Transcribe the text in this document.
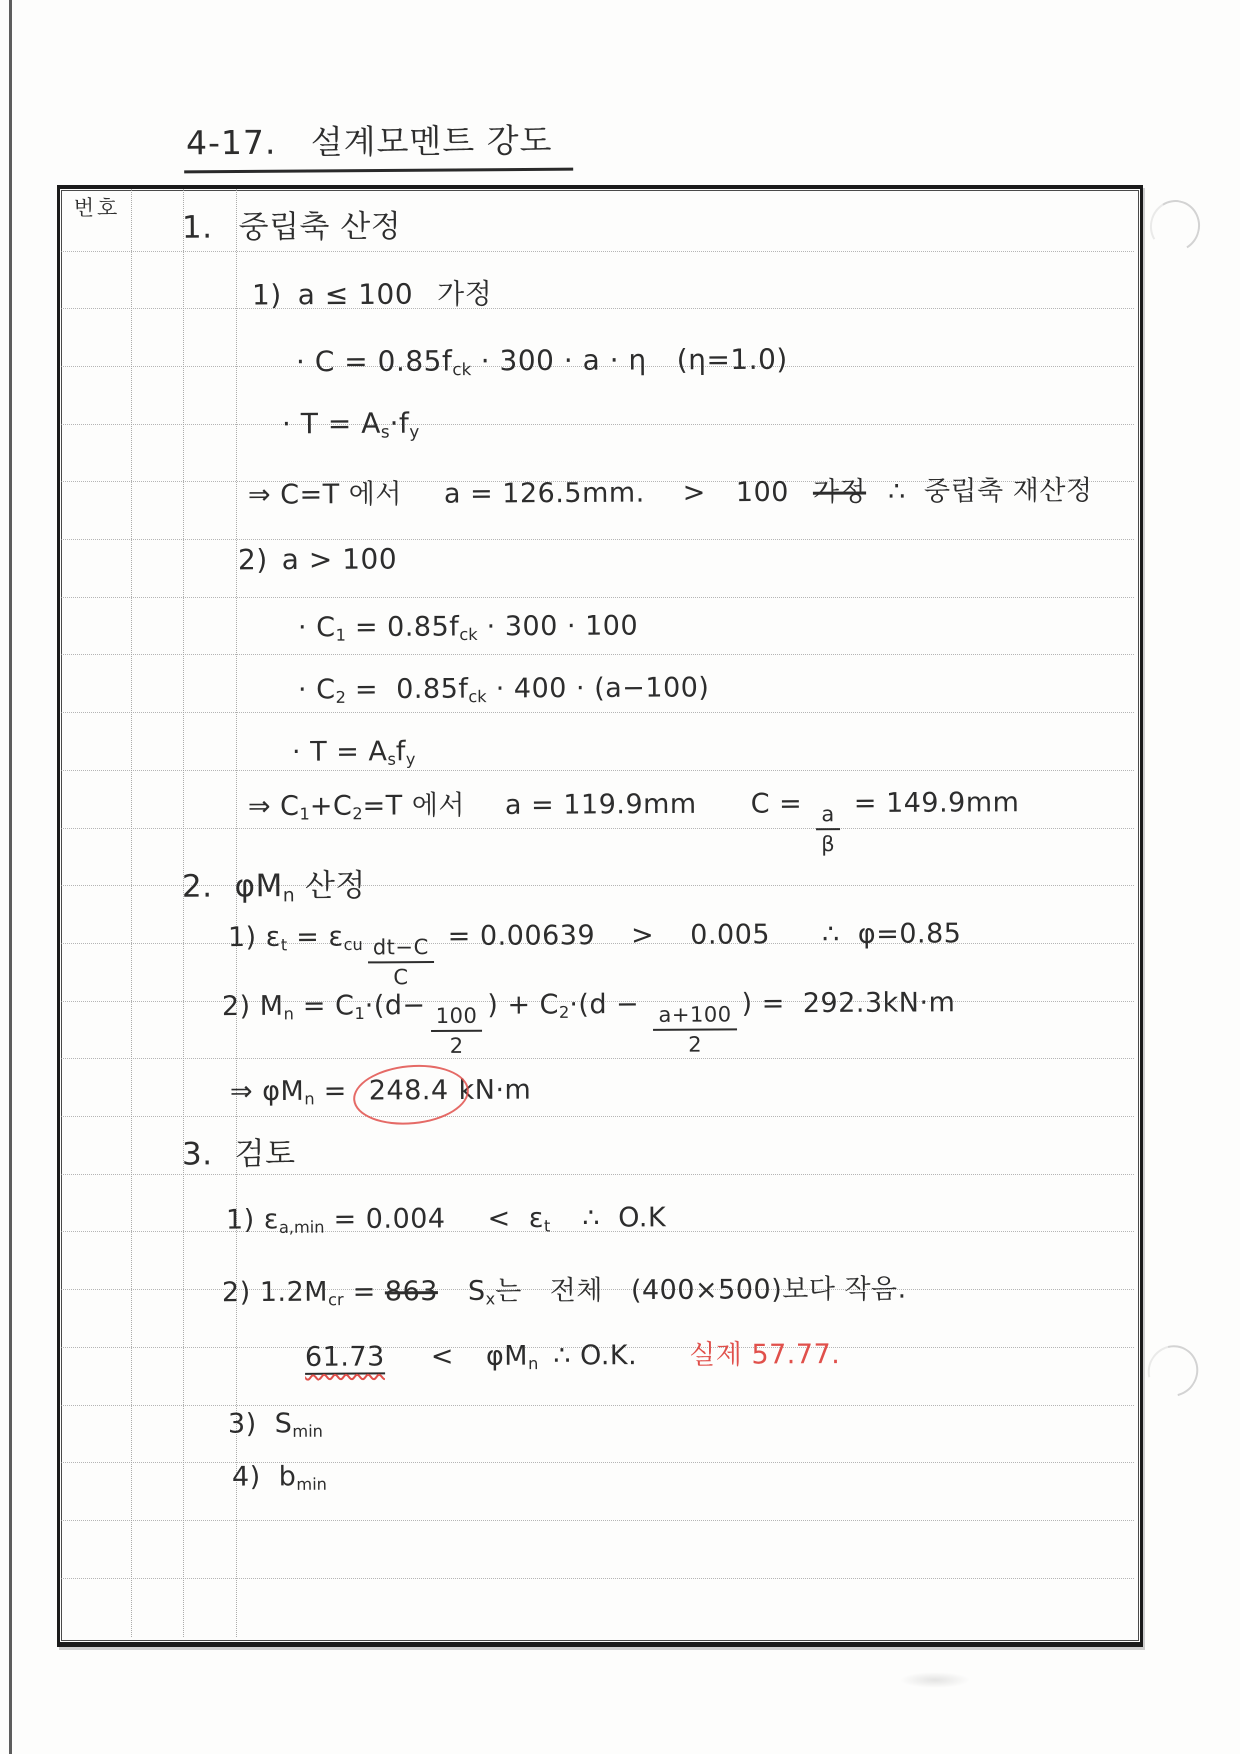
4-17.   설계모멘트 강도
번호
1. 중립축 산정
1) a ≤ 100 가정
· $C = 0.85f_{ck} \cdot 300 \cdot a \cdot \eta$ (η=1.0)
· $T = A_s\cdot f_y$
⇒ C=T 에서 a = 126.5mm. > 100 가정 ∴  중립축 재산정
2) a > 100
· $C_1 = 0.85f_{ck} \cdot 300 \cdot 100$
· $C_2 = 0.85f_{ck} \cdot 400 \cdot (a-100)$
· $T = A_sf_y$
⇒ $C_1+C_2=T$ 에서 a = 119.9mm $C = \frac{a}{\beta}$
= 149.9mm
2. $\varphi M_n$ 산정
1) $\varepsilon_t = \varepsilon_{cu} \frac{dt-C}{C}$
= 0.00639 > 0.005 ∴  φ=0.85
2) $M_n = C_1\cdot(d- \frac{100}{2}$
) + $C_2\cdot(d - \frac{a+100}{2}$
) = 292.3kN·m
⇒ $\varphi M_n = 248.4$ kN·m
3. 검토
1) $\varepsilon_{a,min} = 0.004 < \varepsilon_t$ ∴  O.K
2) $1.2M_{cr} = 863$ $S_x$는 전체 (400×500)보다 작음.
$61.73 < \varphi M_n$ ∴ O.K. 실제 57.77.
3) $S_{min}$
4) $b_{min}$
